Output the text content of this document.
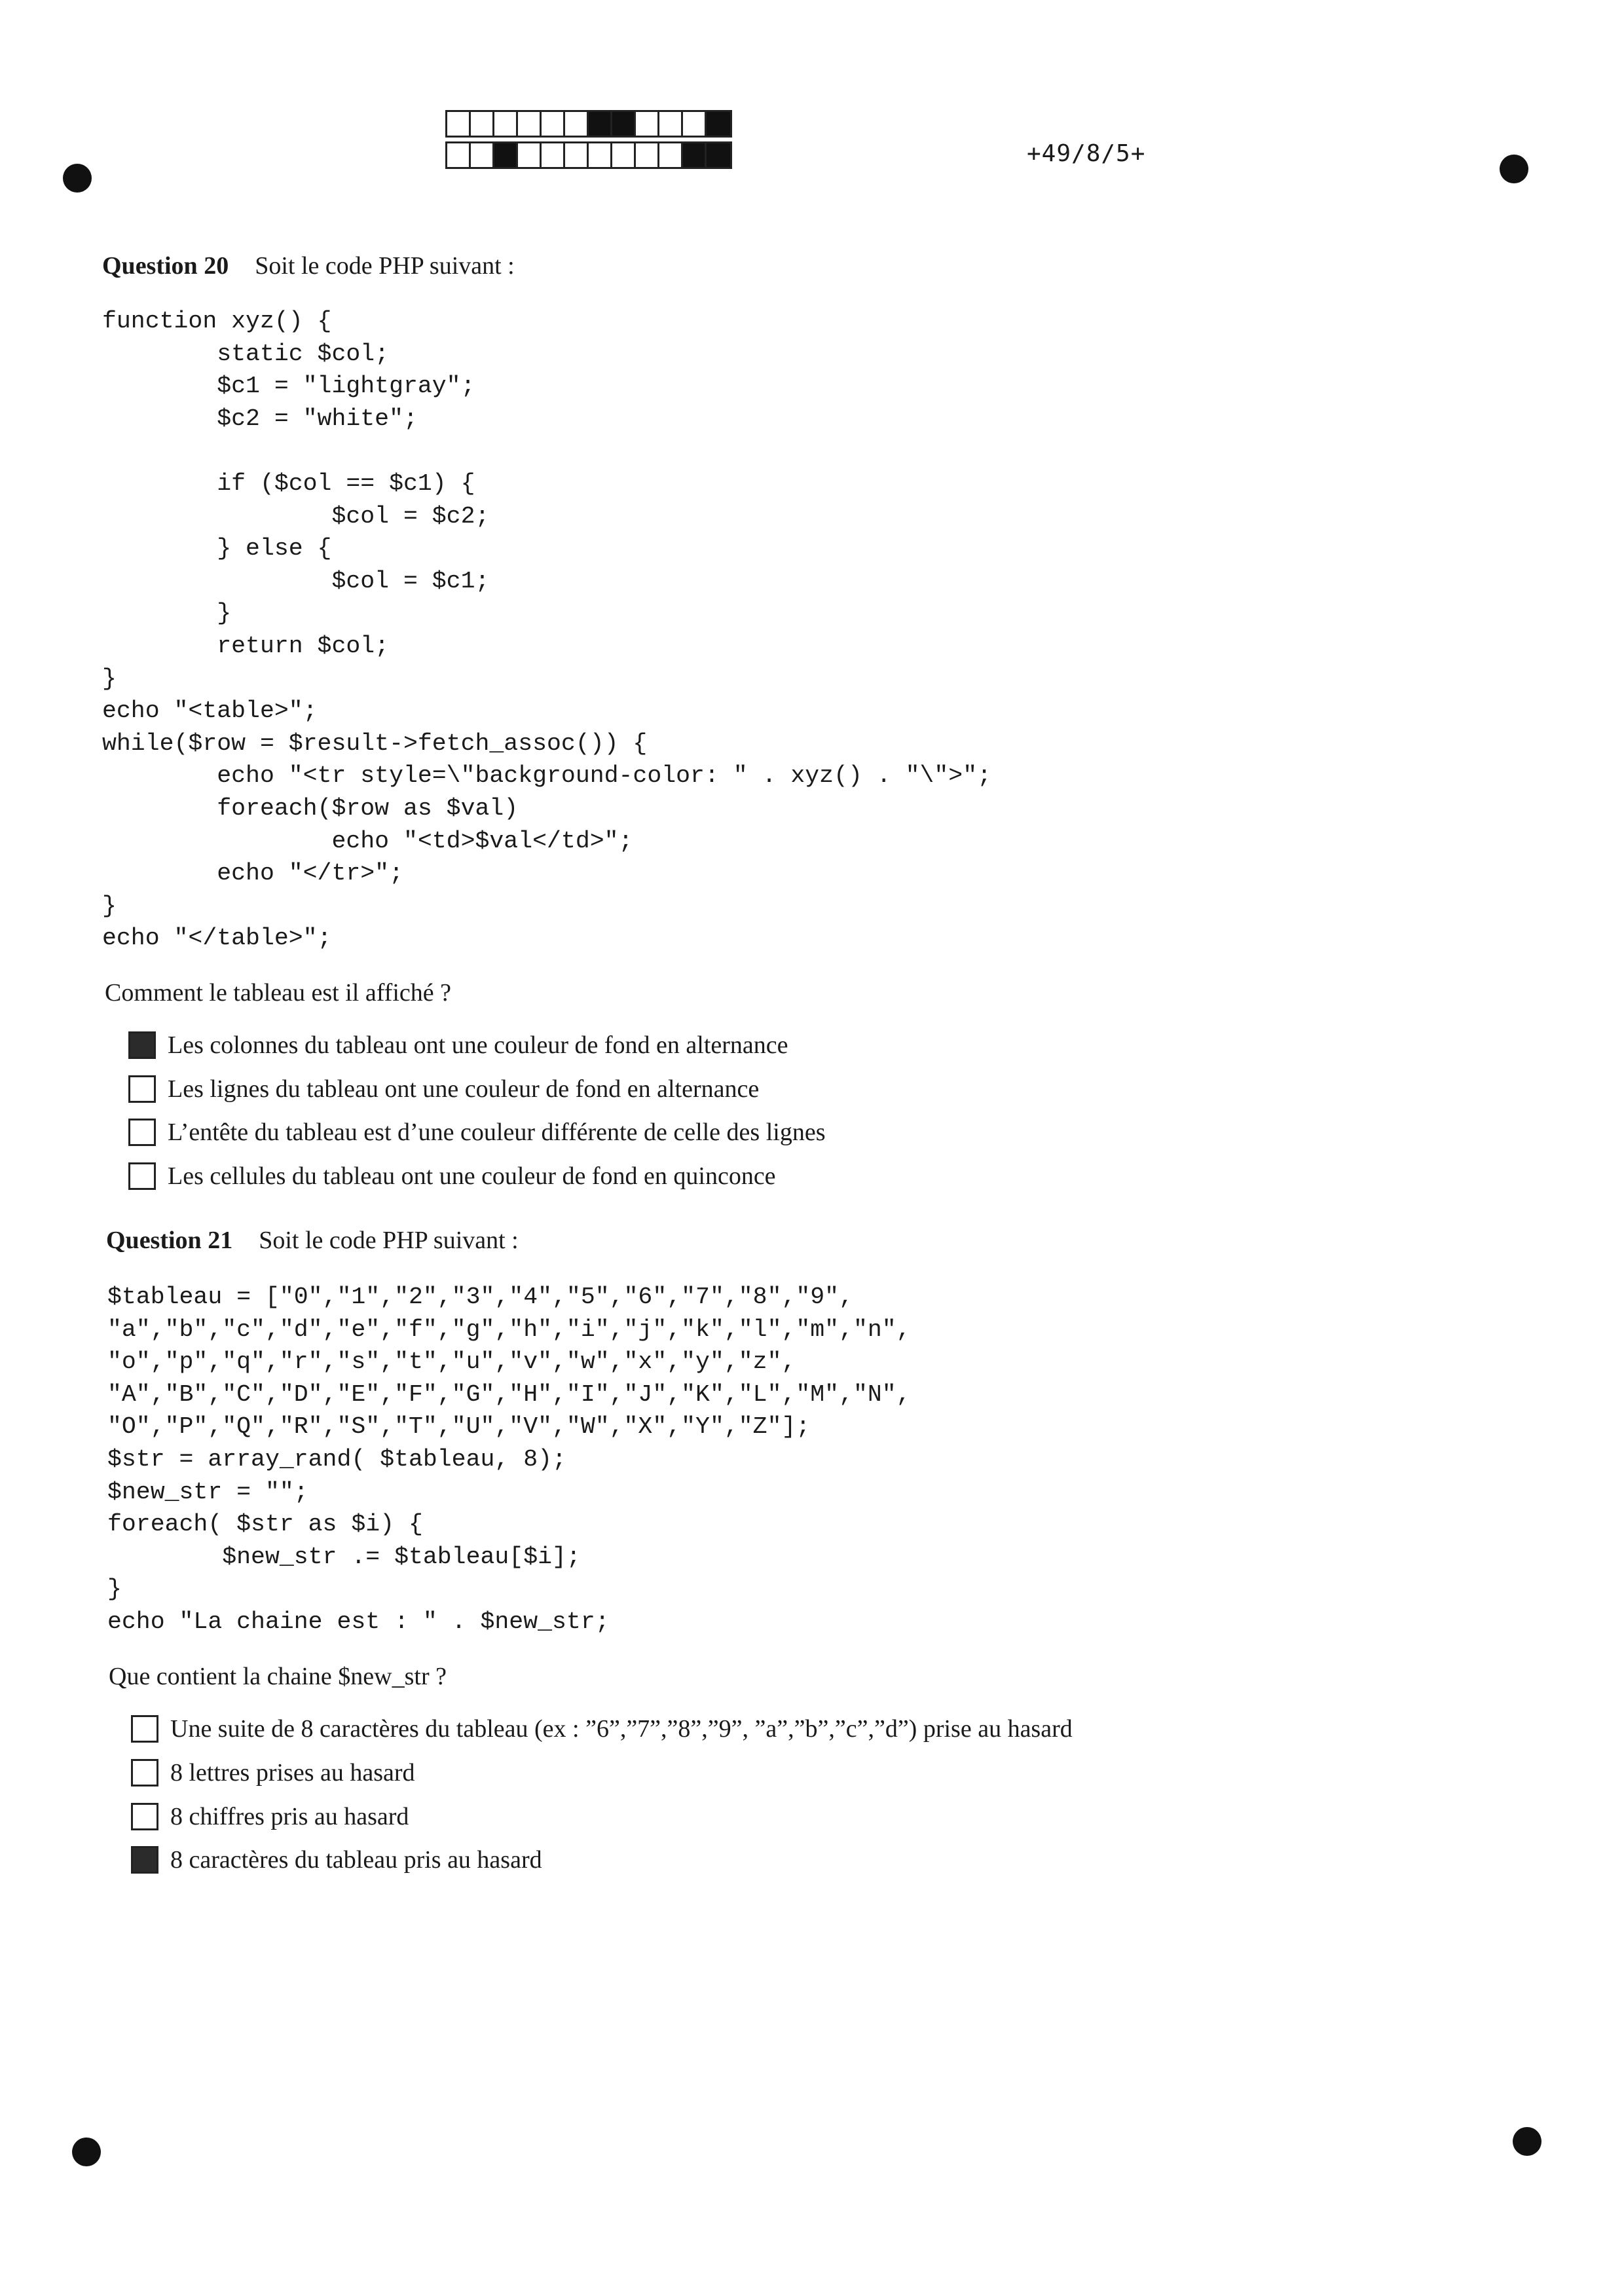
+49/8/5+
Question 20 Soit le code PHP suivant :
function xyz() {
static $col;
$c1 = "lightgray";
$c2 = "white";

if ($col == $c1) {
$col = $c2;
} else {
$col = $c1;
}
return $col;
}
echo "<table>";
while($row = $result->fetch_assoc()) {
echo "<tr style=\"background-color: " . xyz() . "\">";
foreach($row as $val)
echo "<td>$val</td>";
echo "</tr>";
}
echo "</table>";
Comment le tableau est il affiché ?
Les colonnes du tableau ont une couleur de fond en alternance
Les lignes du tableau ont une couleur de fond en alternance
L’entête du tableau est d’une couleur différente de celle des lignes
Les cellules du tableau ont une couleur de fond en quinconce
Question 21 Soit le code PHP suivant :
$tableau = ["0","1","2","3","4","5","6","7","8","9",
"a","b","c","d","e","f","g","h","i","j","k","l","m","n",
"o","p","q","r","s","t","u","v","w","x","y","z",
"A","B","C","D","E","F","G","H","I","J","K","L","M","N",
"O","P","Q","R","S","T","U","V","W","X","Y","Z"];
$str = array_rand( $tableau, 8);
$new_str = "";
foreach( $str as $i) {
$new_str .= $tableau[$i];
}
echo "La chaine est : " . $new_str;
Que contient la chaine $new_str ?
Une suite de 8 caractères du tableau (ex : ”6”,”7”,”8”,”9”, ”a”,”b”,”c”,”d”) prise au hasard
8 lettres prises au hasard
8 chiffres pris au hasard
8 caractères du tableau pris au hasard
